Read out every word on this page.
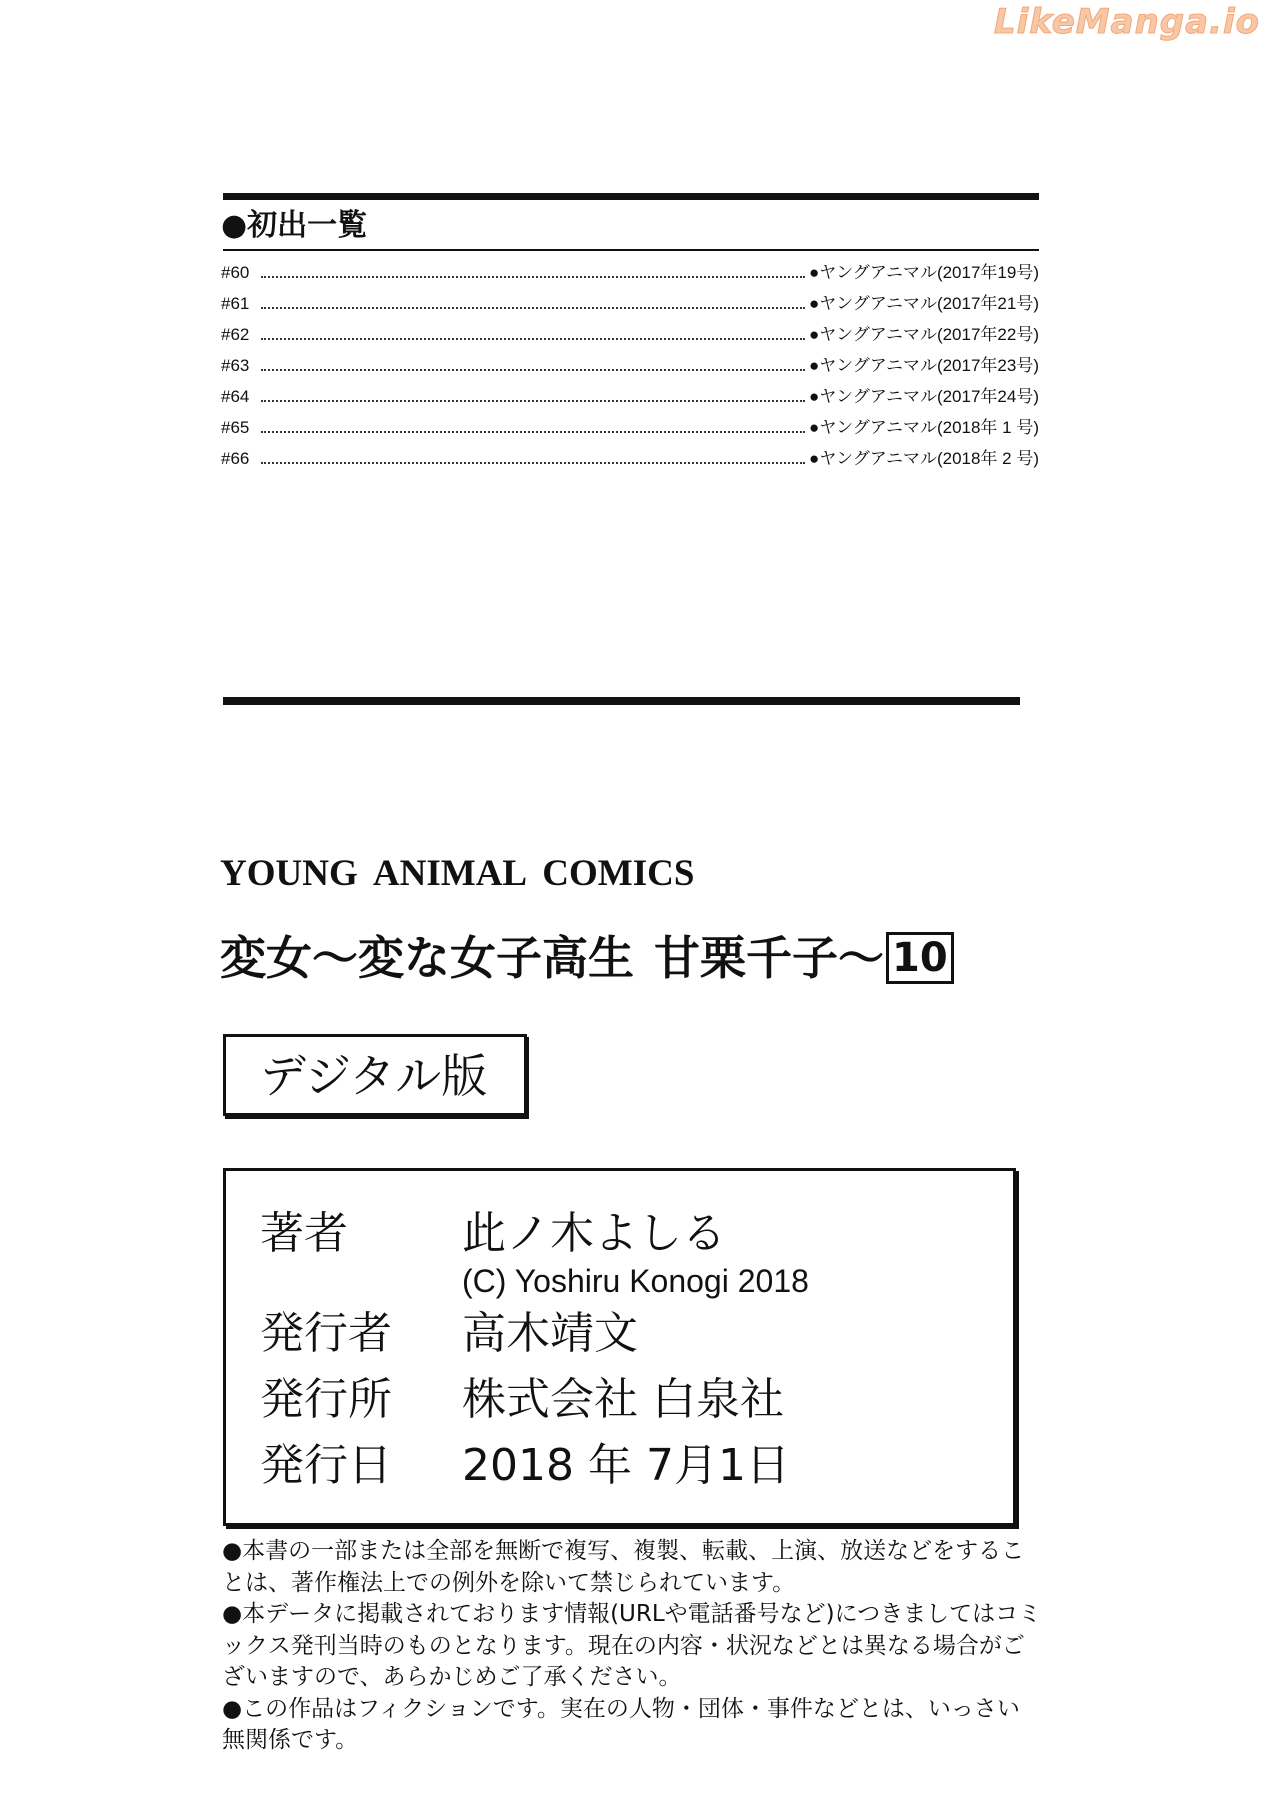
LikeManga.io
●初出一覧
#60	●ヤングアニマル(2017年19号)
#61	●ヤングアニマル(2017年21号)
#62	●ヤングアニマル(2017年22号)
#63	●ヤングアニマル(2017年23号)
#64	●ヤングアニマル(2017年24号)
#65	●ヤングアニマル(2018年 1 号)
#66	●ヤングアニマル(2018年 2 号)
YOUNG ANIMAL COMICS
変女〜変な女子高生 甘栗千子〜 10
デジタル版
著者	此ノ木よしる
(C) Yoshiru Konogi 2018
発行者 高木靖文
発行所 株式会社 白泉社
発行日 2018 年 7月1日

●本書の一部または全部を無断で複写、複製、転載、上演、放送などをすることは、著作権法上での例外を除いて禁じられています。

●本データに掲載されております情報(URLや電話番号など)につきましてはコミックス発刊当時のものとなります。現在の内容・状況などとは異なる場合がございますので、あらかじめご了承ください。

●この作品はフィクションです。実在の人物・団体・事件などとは、いっさい無関係です。
